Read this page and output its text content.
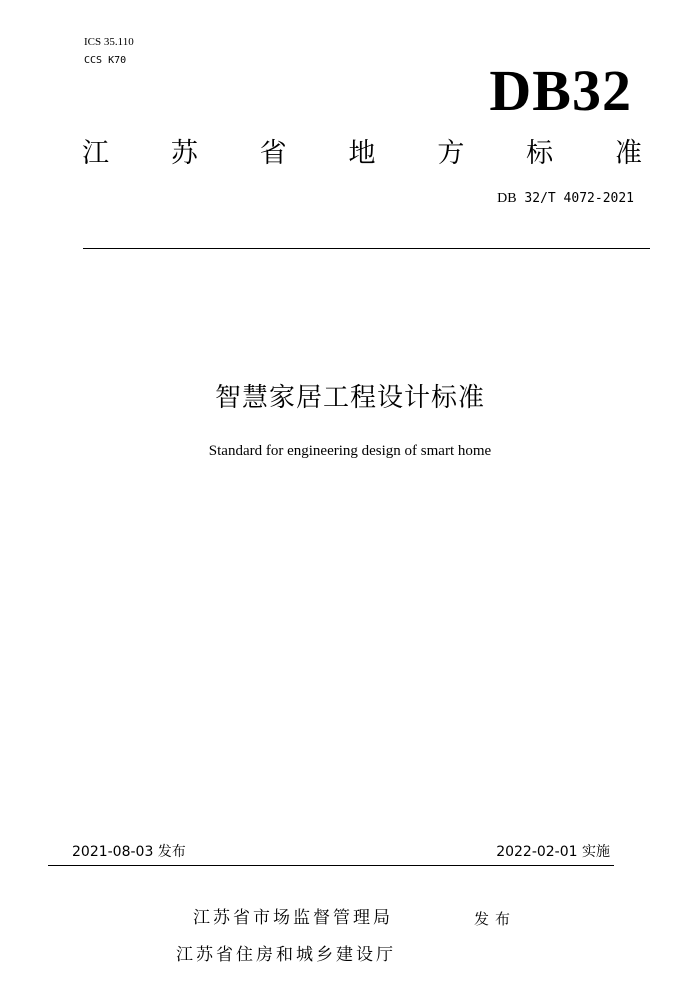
ICS 35.110
CCS K70	DB32
江 苏 省 地 方 标 准
DB 32/T 4072-2021
智慧家居工程设计标准
Standard for engineering design of smart home
2021-08-03 发布	2022-02-01 实施
江苏省市场监督管理局	发布
江苏省住房和城乡建设厅
